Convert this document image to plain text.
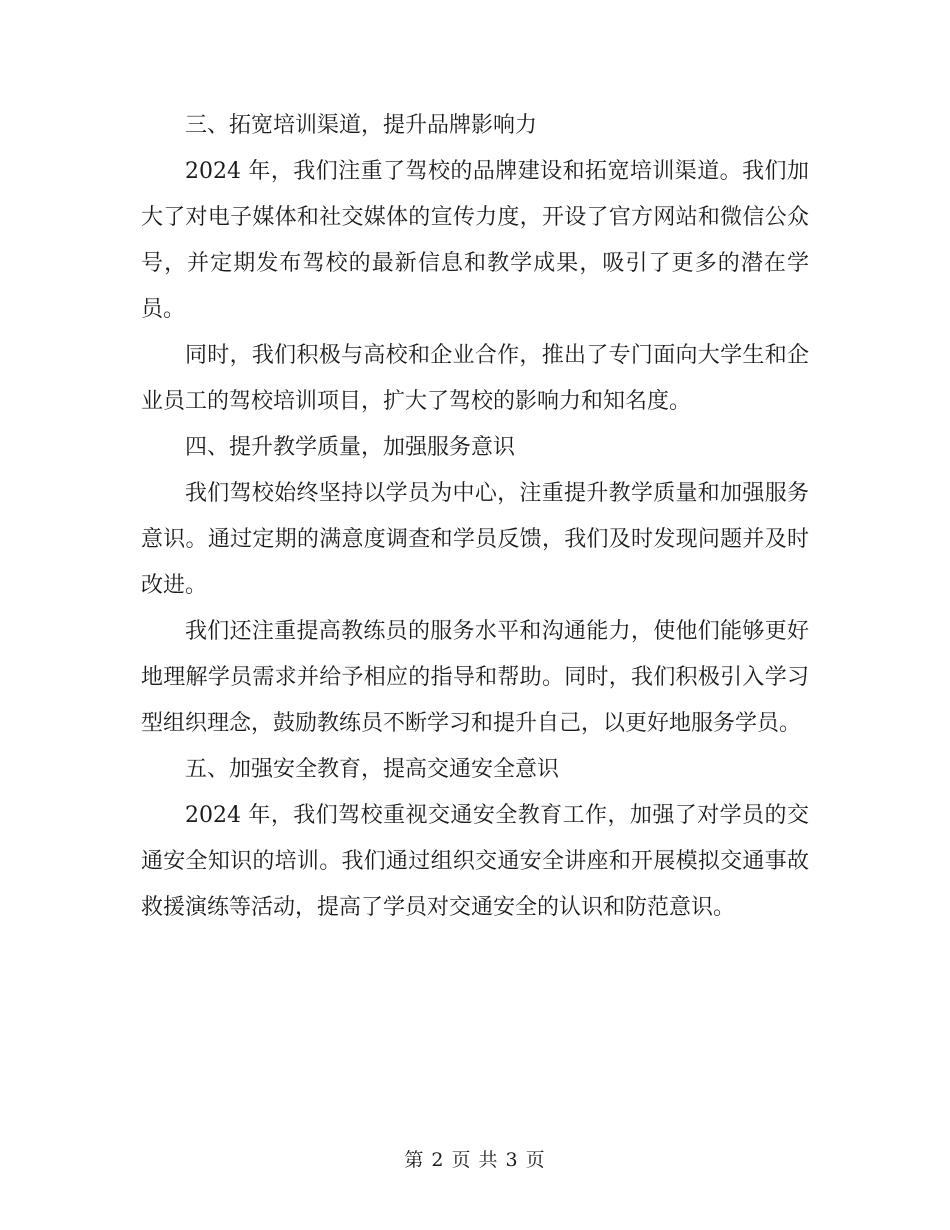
三、拓宽培训渠道，提升品牌影响力

2024 年，我们注重了驾校的品牌建设和拓宽培训渠道。我们加大了对电子媒体和社交媒体的宣传力度，开设了官方网站和微信公众号，并定期发布驾校的最新信息和教学成果，吸引了更多的潜在学员。

同时，我们积极与高校和企业合作，推出了专门面向大学生和企业员工的驾校培训项目，扩大了驾校的影响力和知名度。

四、提升教学质量，加强服务意识

我们驾校始终坚持以学员为中心，注重提升教学质量和加强服务意识。通过定期的满意度调查和学员反馈，我们及时发现问题并及时改进。

我们还注重提高教练员的服务水平和沟通能力，使他们能够更好地理解学员需求并给予相应的指导和帮助。同时，我们积极引入学习型组织理念，鼓励教练员不断学习和提升自己，以更好地服务学员。

五、加强安全教育，提高交通安全意识

2024 年，我们驾校重视交通安全教育工作，加强了对学员的交通安全知识的培训。我们通过组织交通安全讲座和开展模拟交通事故救援演练等活动，提高了学员对交通安全的认识和防范意识。

第 2 页 共 3 页
